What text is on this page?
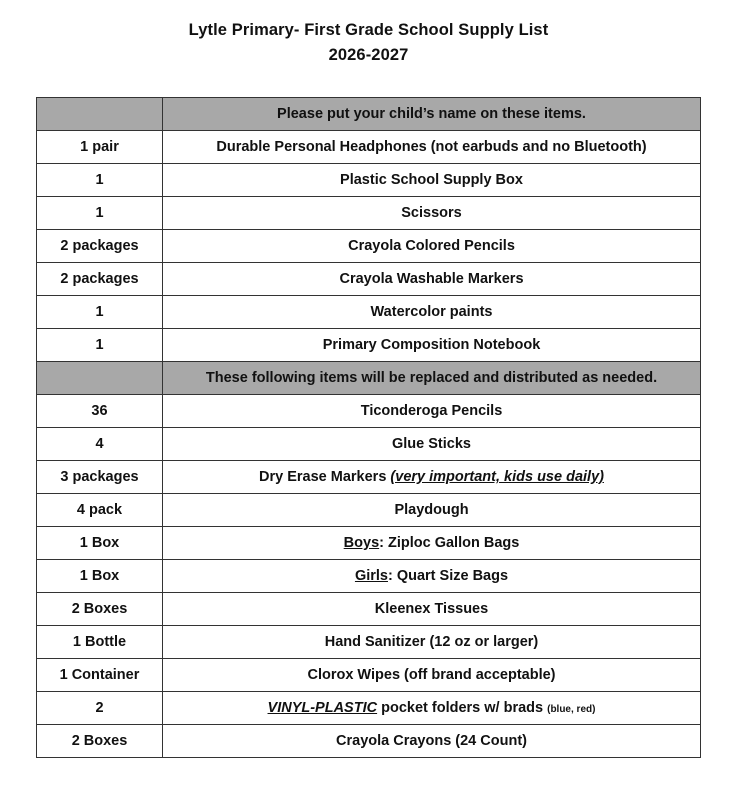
Lytle Primary- First Grade School Supply List
2026-2027
	Please put your child’s name on these items.
1 pair	Durable Personal Headphones (not earbuds and no Bluetooth)
1	Plastic School Supply Box
1	Scissors
2 packages	Crayola Colored Pencils
2 packages	Crayola Washable Markers
1	Watercolor paints
1	Primary Composition Notebook
	These following items will be replaced and distributed as needed.
36	Ticonderoga Pencils
4	Glue Sticks
3 packages	Dry Erase Markers (very important, kids use daily)
4 pack	Playdough
1 Box	Boys: Ziploc Gallon Bags
1 Box	Girls: Quart Size Bags
2 Boxes	Kleenex Tissues
1 Bottle	Hand Sanitizer (12 oz or larger)
1 Container	Clorox Wipes (off brand acceptable)
2	VINYL-PLASTIC pocket folders w/ brads (blue, red)
2 Boxes	Crayola Crayons (24 Count)
